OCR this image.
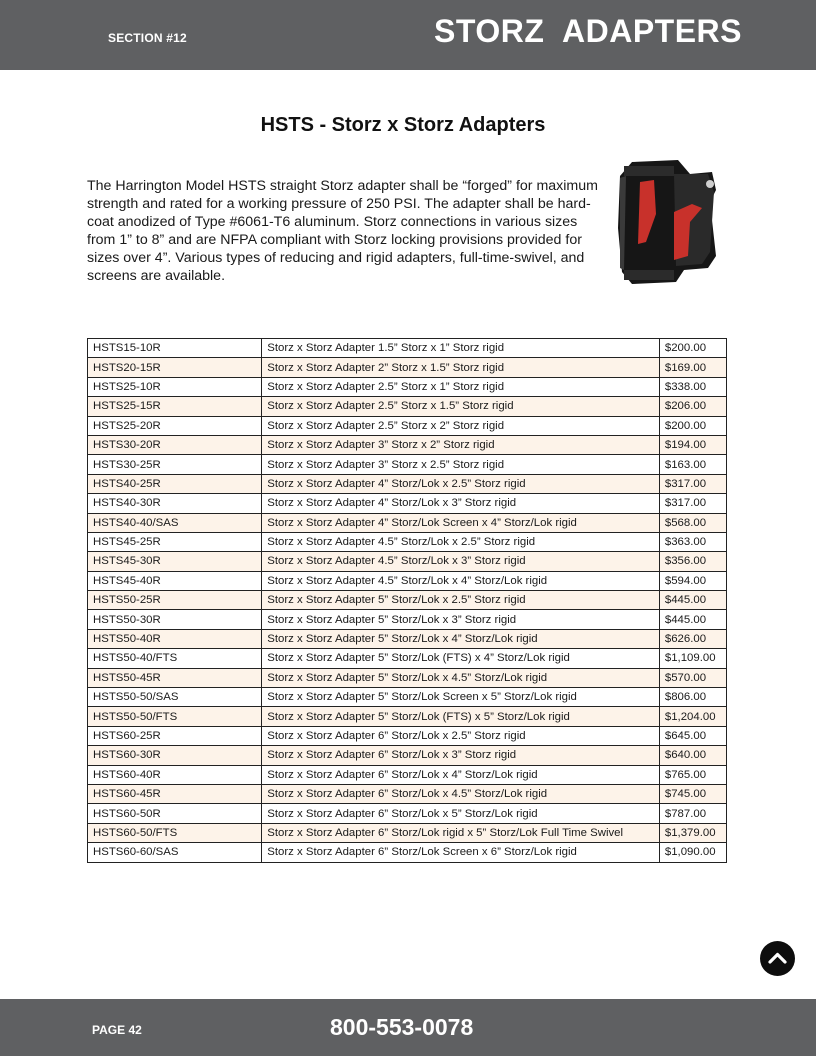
SECTION #12	STORZ  ADAPTERS
HSTS - Storz x Storz Adapters
The Harrington Model HSTS straight Storz adapter shall be “forged” for maximum strength and rated for a working pressure of 250 PSI. The adapter shall be hard-coat anodized of Type #6061-T6 aluminum. Storz connections in various sizes from 1” to 8” and are NFPA compliant with Storz locking provisions provided for sizes over 4”. Various types of reducing and rigid adapters, full-time-swivel, and screens are available.
HSTS15-10R	Storz x Storz Adapter 1.5” Storz x 1” Storz rigid	$200.00
HSTS20-15R	Storz x Storz Adapter 2” Storz x 1.5” Storz rigid	$169.00
HSTS25-10R	Storz x Storz Adapter 2.5” Storz x 1” Storz rigid	$338.00
HSTS25-15R	Storz x Storz Adapter 2.5” Storz x 1.5” Storz rigid	$206.00
HSTS25-20R	Storz x Storz Adapter 2.5” Storz x 2” Storz rigid	$200.00
HSTS30-20R	Storz x Storz Adapter 3” Storz x 2” Storz rigid	$194.00
HSTS30-25R	Storz x Storz Adapter 3” Storz x 2.5” Storz rigid	$163.00
HSTS40-25R	Storz x Storz Adapter 4” Storz/Lok x 2.5” Storz rigid	$317.00
HSTS40-30R	Storz x Storz Adapter 4” Storz/Lok x 3” Storz rigid	$317.00
HSTS40-40/SAS	Storz x Storz Adapter 4” Storz/Lok Screen x 4” Storz/Lok rigid	$568.00
HSTS45-25R	Storz x Storz Adapter 4.5” Storz/Lok x 2.5” Storz rigid	$363.00
HSTS45-30R	Storz x Storz Adapter 4.5” Storz/Lok x 3” Storz rigid	$356.00
HSTS45-40R	Storz x Storz Adapter 4.5” Storz/Lok x 4” Storz/Lok rigid	$594.00
HSTS50-25R	Storz x Storz Adapter 5” Storz/Lok x 2.5” Storz rigid	$445.00
HSTS50-30R	Storz x Storz Adapter 5” Storz/Lok x 3” Storz rigid	$445.00
HSTS50-40R	Storz x Storz Adapter 5” Storz/Lok x 4” Storz/Lok rigid	$626.00
HSTS50-40/FTS	Storz x Storz Adapter 5” Storz/Lok (FTS) x 4” Storz/Lok rigid	$1,109.00
HSTS50-45R	Storz x Storz Adapter 5” Storz/Lok x 4.5” Storz/Lok rigid	$570.00
HSTS50-50/SAS	Storz x Storz Adapter 5” Storz/Lok Screen x 5” Storz/Lok rigid	$806.00
HSTS50-50/FTS	Storz x Storz Adapter 5” Storz/Lok (FTS) x 5” Storz/Lok rigid	$1,204.00
HSTS60-25R	Storz x Storz Adapter 6” Storz/Lok x 2.5” Storz rigid	$645.00
HSTS60-30R	Storz x Storz Adapter 6” Storz/Lok x 3” Storz rigid	$640.00
HSTS60-40R	Storz x Storz Adapter 6” Storz/Lok x 4” Storz/Lok rigid	$765.00
HSTS60-45R	Storz x Storz Adapter 6” Storz/Lok x 4.5” Storz/Lok rigid	$745.00
HSTS60-50R	Storz x Storz Adapter 6” Storz/Lok x 5” Storz/Lok rigid	$787.00
HSTS60-50/FTS	Storz x Storz Adapter 6” Storz/Lok rigid x 5” Storz/Lok Full Time Swivel	$1,379.00
HSTS60-60/SAS	Storz x Storz Adapter 6” Storz/Lok Screen x 6” Storz/Lok rigid	$1,090.00
PAGE 42	800-553-0078
